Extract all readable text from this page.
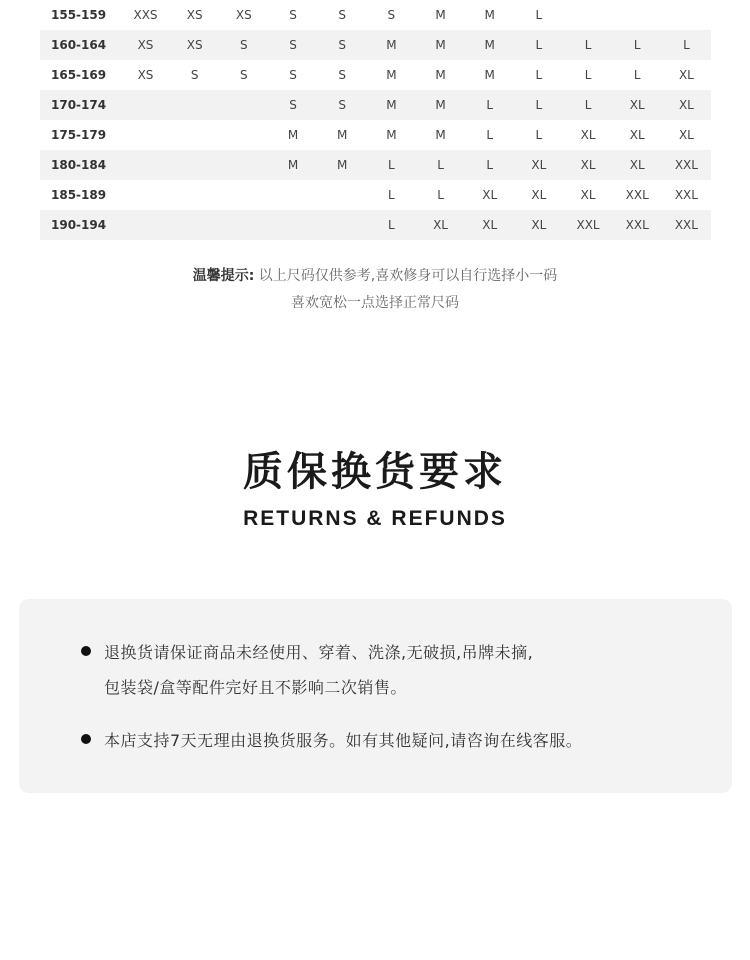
155-159	XXS	XS	XS	S	S	S	M	M	L			
160-164	XS	XS	S	S	S	M	M	M	L	L	L	L
165-169	XS	S	S	S	S	M	M	M	L	L	L	XL
170-174				S	S	M	M	L	L	L	XL	XL
175-179				M	M	M	M	L	L	XL	XL	XL
180-184				M	M	L	L	L	XL	XL	XL	XXL
185-189						L	L	XL	XL	XL	XXL	XXL
190-194						L	XL	XL	XL	XXL	XXL	XXL
温馨提示: 以上尺码仅供参考,喜欢修身可以自行选择小一码
喜欢宽松一点选择正常尺码
质保换货要求
RETURNS & REFUNDS
退换货请保证商品未经使用、穿着、洗涤,无破损,吊牌未摘,
包装袋/盒等配件完好且不影响二次销售。
本店支持7天无理由退换货服务。如有其他疑问,请咨询在线客服。
